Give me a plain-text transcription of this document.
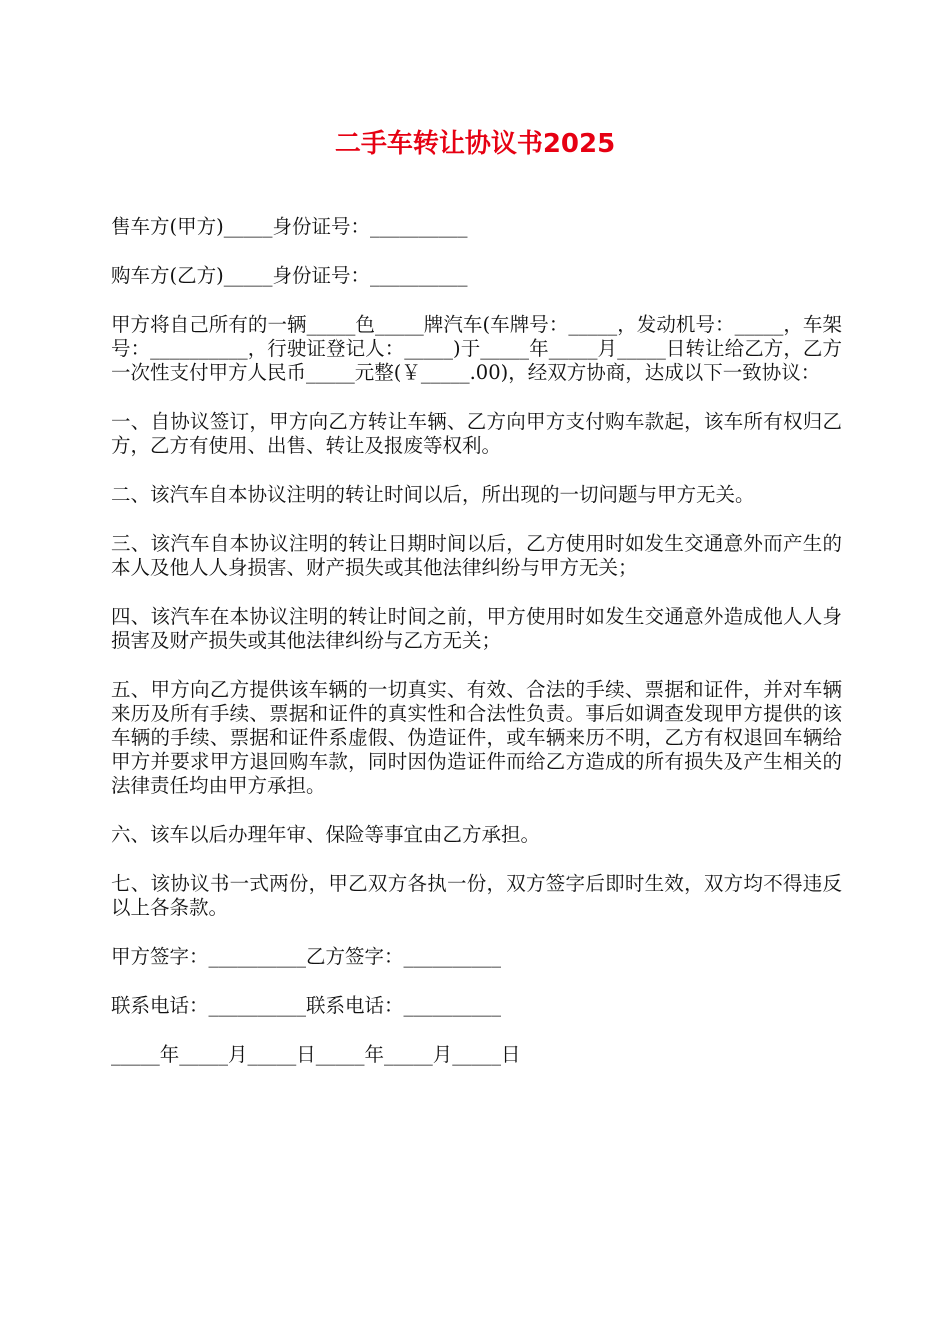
二手车转让协议书2025

售车方(甲方)_____身份证号：__________

购车方(乙方)_____身份证号：__________

甲方将自己所有的一辆_____色_____牌汽车(车牌号：_____，发动机号：_____，车架号：__________，行驶证登记人：_____)于_____年_____月_____日转让给乙方，乙方一次性支付甲方人民币_____元整(￥_____.00)，经双方协商，达成以下一致协议：

一、自协议签订，甲方向乙方转让车辆、乙方向甲方支付购车款起，该车所有权归乙方，乙方有使用、出售、转让及报废等权利。

二、该汽车自本协议注明的转让时间以后，所出现的一切问题与甲方无关。

三、该汽车自本协议注明的转让日期时间以后，乙方使用时如发生交通意外而产生的本人及他人人身损害、财产损失或其他法律纠纷与甲方无关；

四、该汽车在本协议注明的转让时间之前，甲方使用时如发生交通意外造成他人人身损害及财产损失或其他法律纠纷与乙方无关；

五、甲方向乙方提供该车辆的一切真实、有效、合法的手续、票据和证件，并对车辆来历及所有手续、票据和证件的真实性和合法性负责。事后如调查发现甲方提供的该车辆的手续、票据和证件系虚假、伪造证件，或车辆来历不明，乙方有权退回车辆给甲方并要求甲方退回购车款，同时因伪造证件而给乙方造成的所有损失及产生相关的法律责任均由甲方承担。

六、该车以后办理年审、保险等事宜由乙方承担。

七、该协议书一式两份，甲乙双方各执一份，双方签字后即时生效，双方均不得违反以上各条款。

甲方签字：__________乙方签字：__________

联系电话：__________联系电话：__________

_____年_____月_____日_____年_____月_____日
